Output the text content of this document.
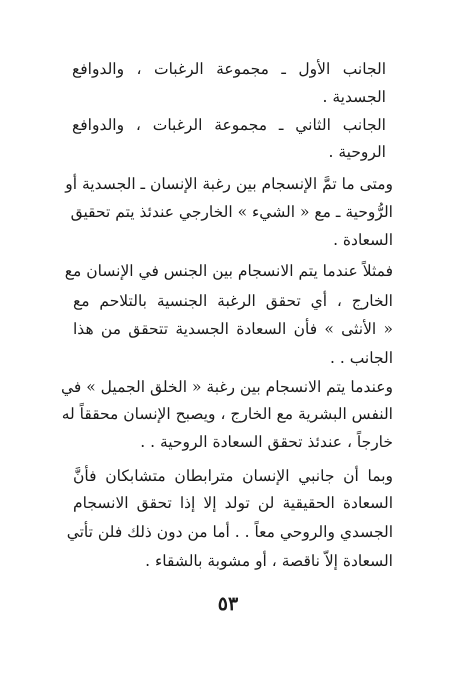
الجانب الأول ـ مجموعة الرغبات ، والدوافع
الجسدية .
الجانب الثاني ـ مجموعة الرغبات ، والدوافع
الروحية .
ومتى ما تمَّ الإنسجام بين رغبة الإنسان ـ الجسدية أو
الرُّوحية ـ مع « الشيء » الخارجي عندئذ يتم تحقيق
السعادة .
فمثلاً عندما يتم الانسجام بين الجنس في الإنسان مع
الخارج ، أي تحقق الرغبة الجنسية بالتلاحم مع
« الأنثى » فأن السعادة الجسدية تتحقق من هذا
الجانب . .
وعندما يتم الانسجام بين رغبة « الخلق الجميل » في
النفس البشرية مع الخارج ، ويصبح الإنسان محققاً له
خارجاً ، عندئذ تحقق السعادة الروحية . .
وبما أن جانبي الإنسان مترابطان متشابكان فأنَّ
السعادة الحقيقية لن تولد إلا إذا تحقق الانسجام
الجسدي والروحي معاً . . أما من دون ذلك فلن تأتي
السعادة إلاّ ناقصة ، أو مشوبة بالشقاء .
٥٣
